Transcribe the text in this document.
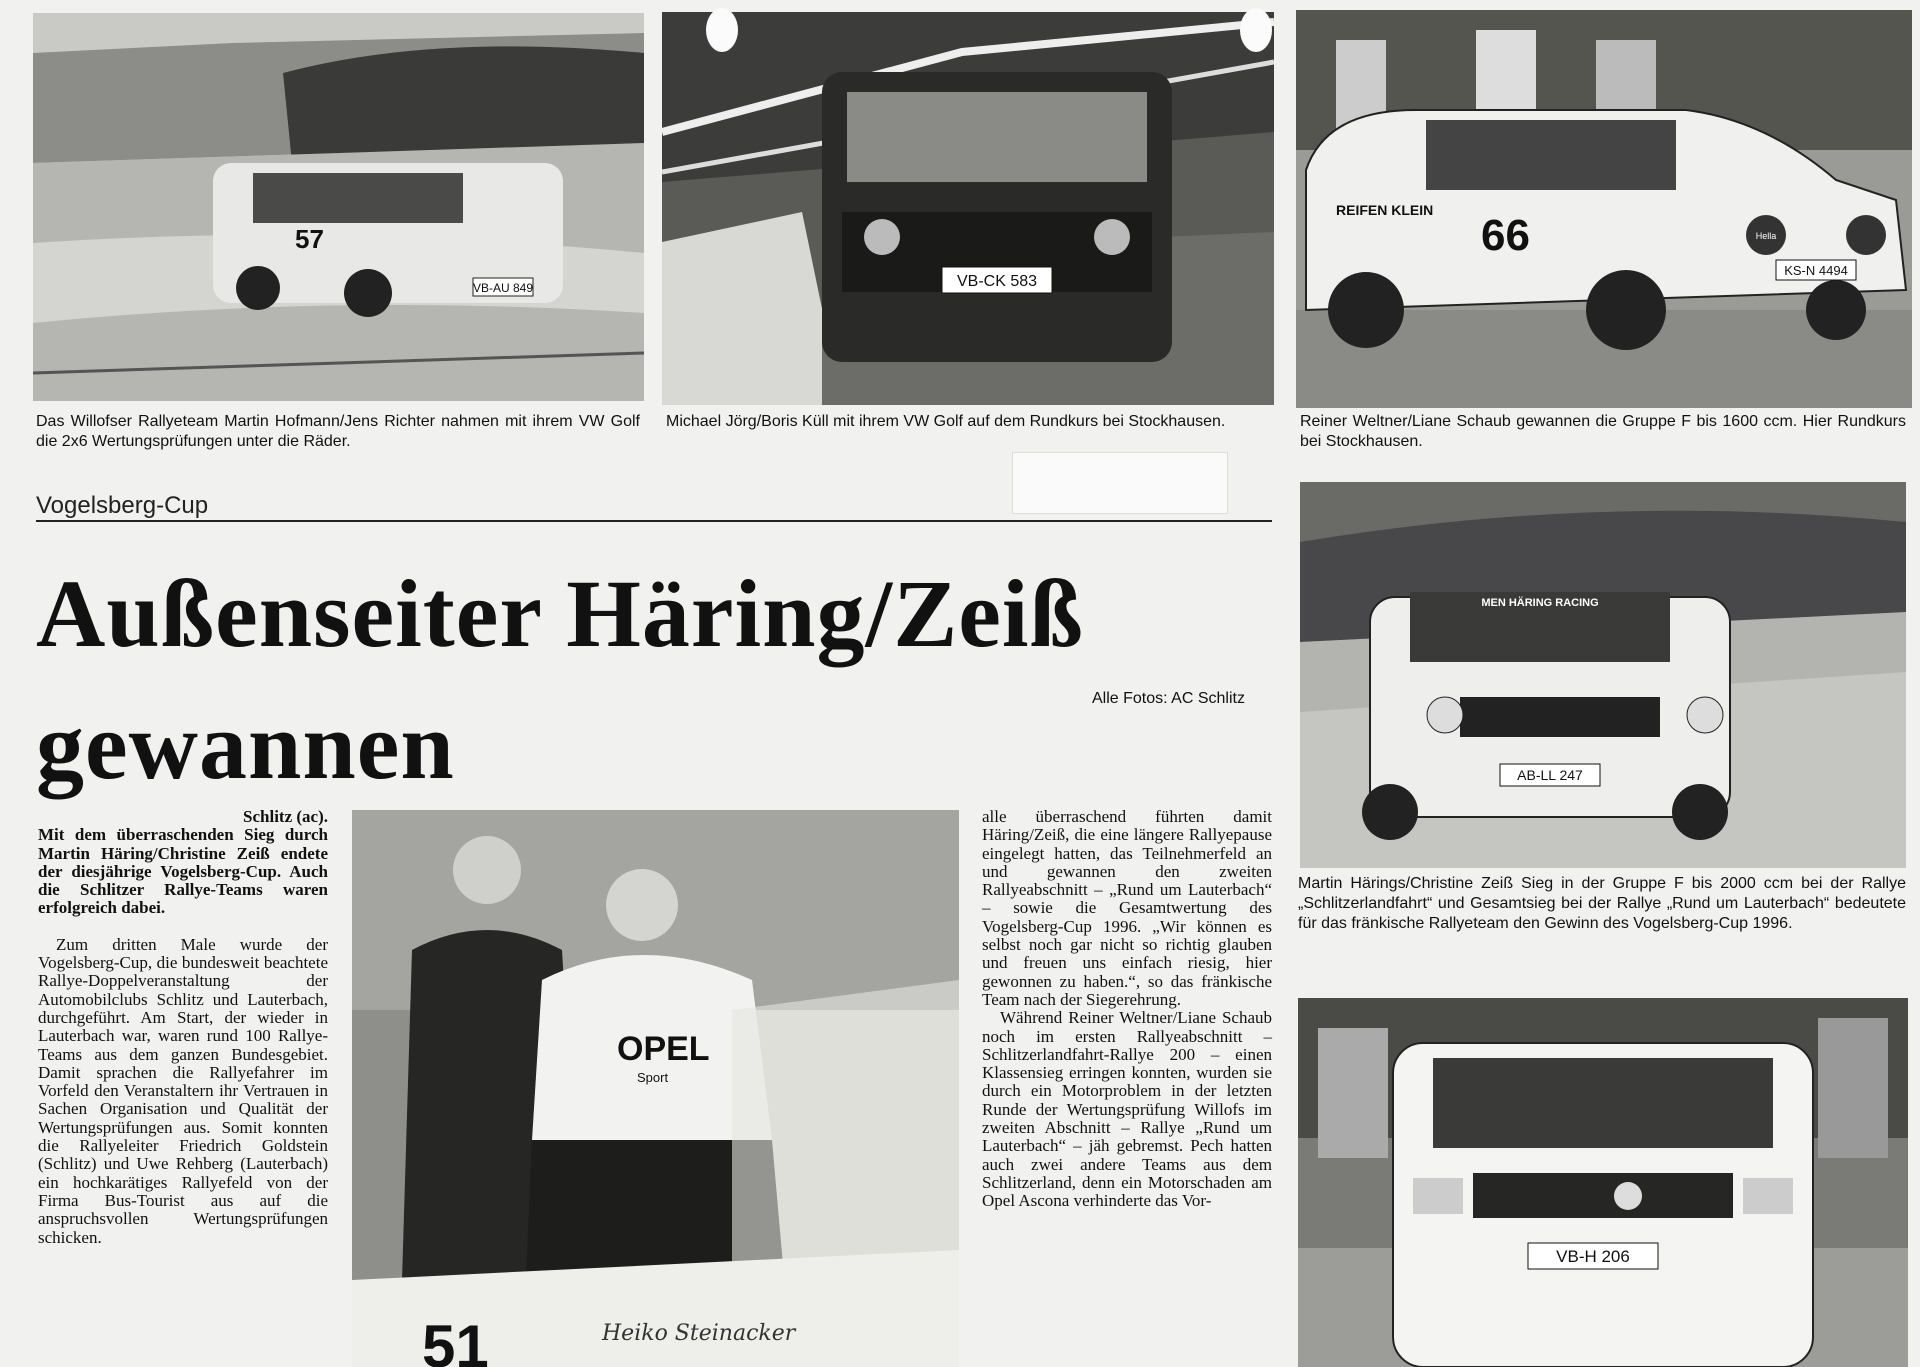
VB-AU 849
57
Das Willofser Rallyeteam Martin Hofmann/Jens Richter nahmen mit ihrem VW Golf die 2x6 Wertungsprüfungen unter die Räder.
VB-CK 583
Michael Jörg/Boris Küll mit ihrem VW Golf auf dem Rundkurs bei Stockhausen.
Hella
66
REIFEN KLEIN
KS-N 4494
Reiner Weltner/Liane Schaub gewannen die Gruppe F bis 1600 ccm. Hier Rundkurs bei Stockhausen.
Vogelsberg-Cup
Außenseiter Häring/Zeiß gewannen	Alle Fotos: AC Schlitz
AB-LL 247
MEN HÄRING RACING
Martin Härings/Christine Zeiß Sieg in der Gruppe F bis 2000 ccm bei der Rallye „Schlitzerlandfahrt“ und Gesamtsieg bei der Rallye „Rund um Lauterbach“ bedeutete für das fränkische Rallyeteam den Gewinn des Vogelsberg-Cup 1996.
VB-H 206
OPEL
Sport
Heiko Steinacker
51

Schlitz (ac).

Mit dem überraschenden Sieg durch Martin Häring/Christine Zeiß endete der diesjährige Vogelsberg-Cup. Auch die Schlitzer Rallye-Teams waren erfolgreich dabei.

Zum dritten Male wurde der Vogelsberg-Cup, die bundesweit beachtete Rallye-Doppelveranstaltung der Automobilclubs Schlitz und Lauterbach, durchgeführt. Am Start, der wieder in Lauterbach war, waren rund 100 Rallye-Teams aus dem ganzen Bundesgebiet. Damit sprachen die Rallyefahrer im Vorfeld den Veranstaltern ihr Vertrauen in Sachen Organisation und Qualität der Wertungsprüfungen aus. Somit konnten die Rallyeleiter Friedrich Goldstein (Schlitz) und Uwe Rehberg (Lauterbach) ein hochkarätiges Rallyefeld von der Firma Bus-Tourist aus auf die anspruchsvollen Wertungsprüfungen schicken.

alle überraschend führten damit Häring/Zeiß, die eine längere Rallyepause eingelegt hatten, das Teilnehmerfeld an und gewannen den zweiten Rallyeabschnitt – „Rund um Lauterbach“ – sowie die Gesamtwertung des Vogelsberg-Cup 1996. „Wir können es selbst noch gar nicht so richtig glauben und freuen uns einfach riesig, hier gewonnen zu haben.“, so das fränkische Team nach der Siegerehrung.

Während Reiner Weltner/Liane Schaub noch im ersten Rallyeabschnitt – Schlitzerlandfahrt-Rallye 200 – einen Klassensieg erringen konnten, wurden sie durch ein Motorproblem in der letzten Runde der Wertungsprüfung Willofs im zweiten Abschnitt – Rallye „Rund um Lauterbach“ – jäh gebremst. Pech hatten auch zwei andere Teams aus dem Schlitzerland, denn ein Motorschaden am Opel Ascona verhinderte das Vor-
